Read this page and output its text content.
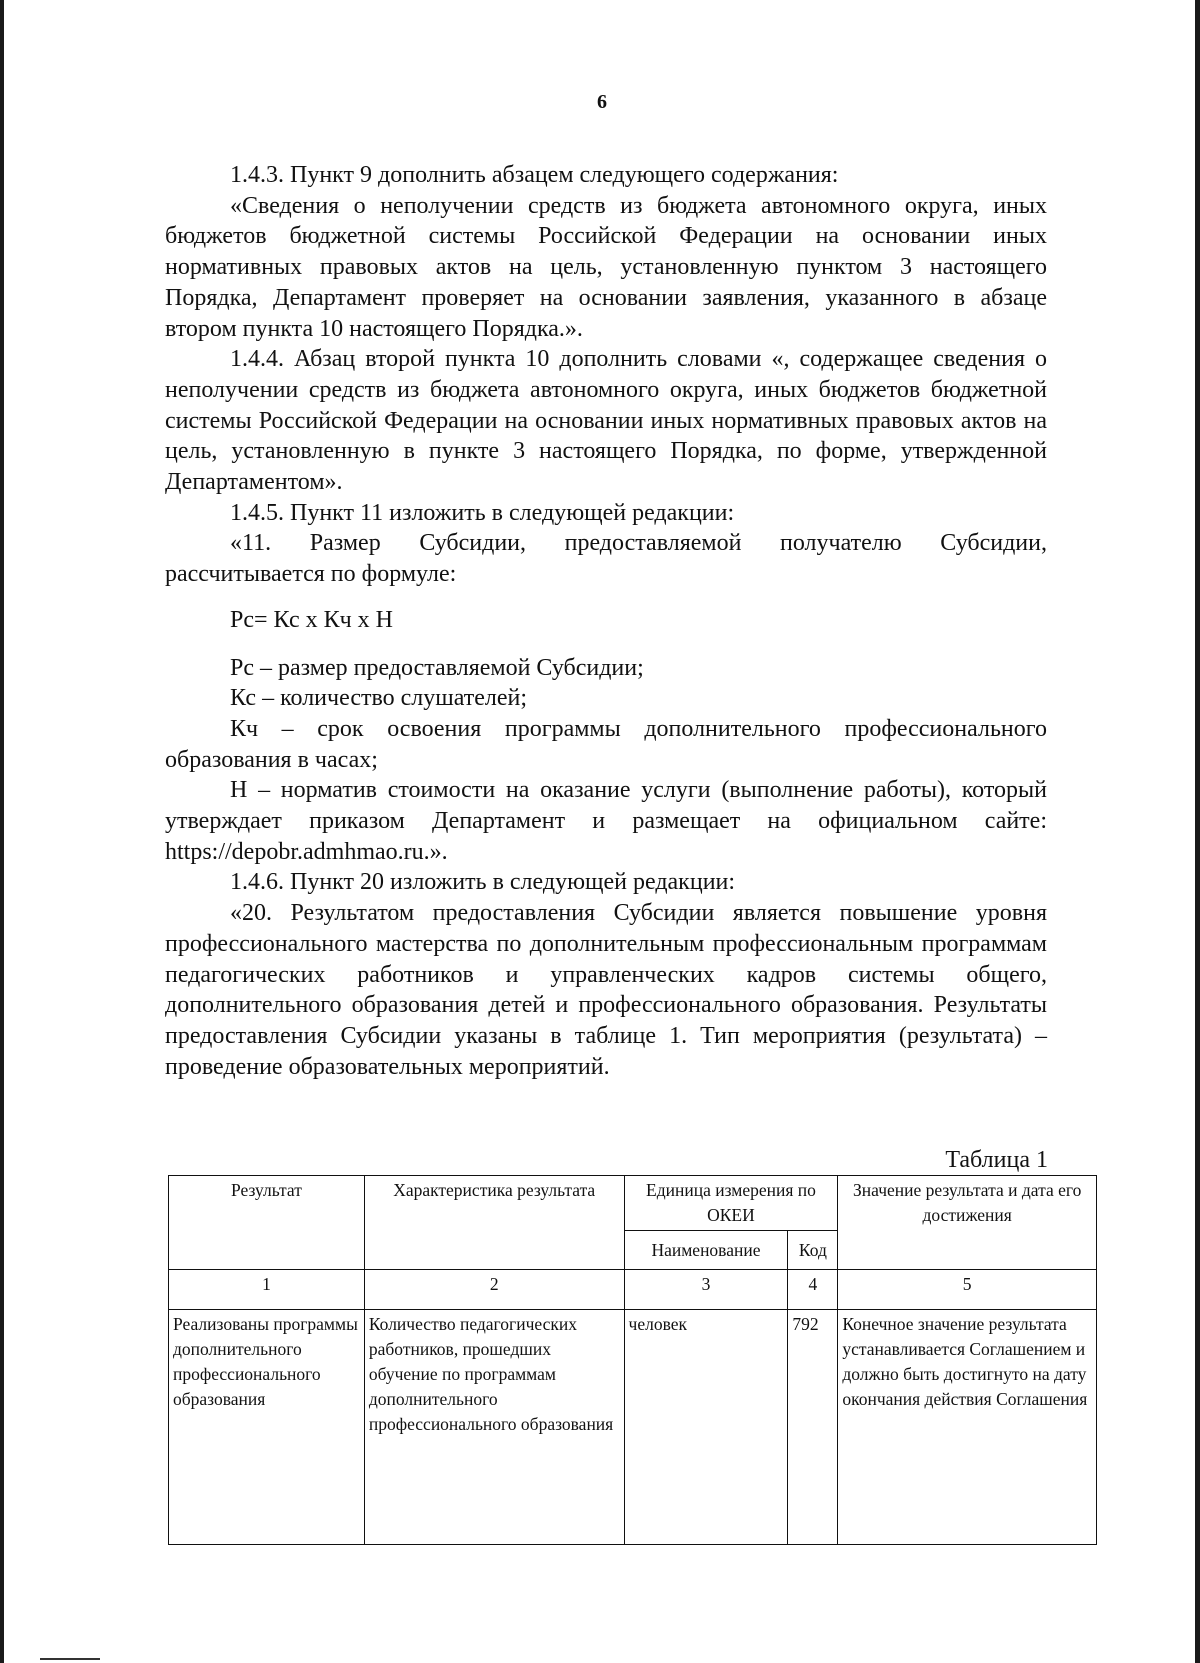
6

1.4.3. Пункт 9 дополнить абзацем следующего содержания:

«Сведения о неполучении средств из бюджета автономного округа, иных бюджетов бюджетной системы Российской Федерации на основании иных нормативных правовых актов на цель, установленную пунктом 3 настоящего Порядка, Департамент проверяет на основании заявления, указанного в абзаце втором пункта 10 настоящего Порядка.».

1.4.4. Абзац второй пункта 10 дополнить словами «, содержащее сведения о неполучении средств из бюджета автономного округа, иных бюджетов бюджетной системы Российской Федерации на основании иных нормативных правовых актов на цель, установленную в пункте 3 настоящего Порядка, по форме, утвержденной Департаментом».

1.4.5. Пункт 11 изложить в следующей редакции:

«11. Размер Субсидии, предоставляемой получателю Субсидии, рассчитывается по формуле:

Рс= Кс х Кч х Н

Рс – размер предоставляемой Субсидии;

Кс – количество слушателей;

Кч – срок освоения программы дополнительного профессионального образования в часах;

Н – норматив стоимости на оказание услуги (выполнение работы), который утверждает приказом Департамент и размещает на официальном сайте: https://depobr.admhmao.ru.».

1.4.6. Пункт 20 изложить в следующей редакции:

«20. Результатом предоставления Субсидии является повышение уровня профессионального мастерства по дополнительным профессиональным программам педагогических работников и управленческих кадров системы общего, дополнительного образования детей и профессионального образования. Результаты предоставления Субсидии указаны в таблице 1. Тип мероприятия (результата) – проведение образовательных мероприятий.

Таблица 1
Результат	Характеристика результата	Единица измерения по ОКЕИ		Значение результата и дата его достижения
		Наименование	Код	
1	2	3	4	5
Реализованы программы дополнительного профессионального образования	Количество педагогических работников, прошедших обучение по программам дополнительного профессионального образования	человек	792	Конечное значение результата устанавливается Соглашением и должно быть достигнуто на дату окончания действия Соглашения
